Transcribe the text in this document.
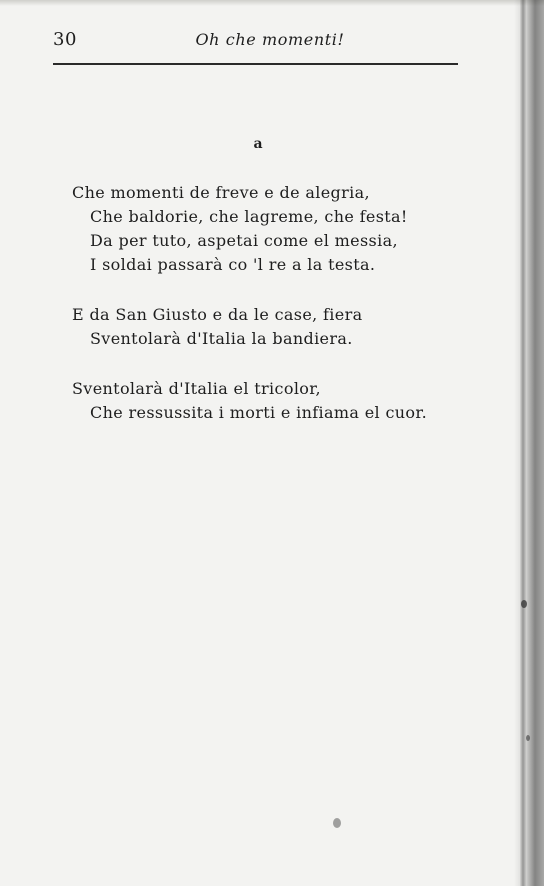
30	Oh che momenti!
a
Che momenti de freve e de alegria,
Che baldorie, che lagreme, che festa!
Da per tuto, aspetai come el messia,
I soldai passarà co 'l re a la testa.
E da San Giusto e da le case, fiera
Sventolarà d'Italia la bandiera.
Sventolarà d'Italia el tricolor,
Che ressussita i morti e infiama el cuor.
